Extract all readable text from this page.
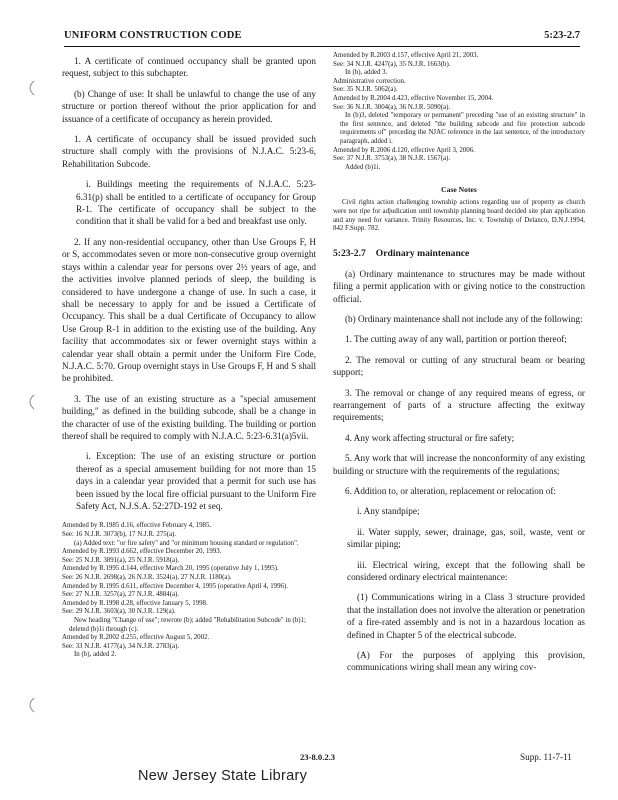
UNIFORM CONSTRUCTION CODE	5:23-2.7

1. A certificate of continued occupancy shall be granted upon request, subject to this subchapter.

(b) Change of use: It shall be unlawful to change the use of any structure or portion thereof without the prior application for and issuance of a certificate of occupancy as herein provided.

1. A certificate of occupancy shall be issued provided such structure shall comply with the provisions of N.J.A.C. 5:23-6, Rehabilitation Subcode.

i. Buildings meeting the requirements of N.J.A.C. 5:23-6.31(p) shall be entitled to a certificate of occupancy for Group R-1. The certificate of occupancy shall be subject to the condition that it shall be valid for a bed and breakfast use only.

2. If any non-residential occupancy, other than Use Groups F, H or S, accommodates seven or more non-consecutive group overnight stays within a calendar year for persons over 2½ years of age, and the activities involve planned periods of sleep, the building is considered to have undergone a change of use. In such a case, it shall be necessary to apply for and be issued a Certificate of Occupancy. This shall be a dual Certificate of Occupancy to allow Use Group R-1 in addition to the existing use of the building. Any facility that accommodates six or fewer overnight stays within a calendar year shall obtain a permit under the Uniform Fire Code, N.J.A.C. 5:70. Group overnight stays in Use Groups F, H and S shall be prohibited.

3. The use of an existing structure as a "special amusement building," as defined in the building subcode, shall be a change in the character of use of the existing building. The building or portion thereof shall be required to comply with N.J.A.C. 5:23-6.31(a)5vii.

i. Exception: The use of an existing structure or portion thereof as a special amusement building for not more than 15 days in a calendar year provided that a permit for such use has been issued by the local fire official pursuant to the Uniform Fire Safety Act, N.J.S.A. 52:27D-192 et seq.

Amended by R.1985 d.16, effective February 4, 1985.

See: 16 N.J.R. 3073(b), 17 N.J.R. 275(a).

(a) Added text: "or fire safety" and "or minimum housing standard or regulation".

Amended by R.1993 d.662, effective December 20, 1993.

See: 25 N.J.R. 3891(a), 25 N.J.R. 5918(a).

Amended by R.1995 d.144, effective March 20, 1995 (operative July 1, 1995).

See: 26 N.J.R. 2698(a), 26 N.J.R. 3524(a), 27 N.J.R. 1180(a).

Amended by R.1995 d.611, effective December 4, 1995 (operative April 4, 1996).

See: 27 N.J.R. 3257(a), 27 N.J.R. 4884(a).

Amended by R.1998 d.28, effective January 5, 1998.

See: 29 N.J.R. 3603(a), 30 N.J.R. 129(a).

New heading "Change of use"; rewrote (b); added "Rehabilitation Subcode" in (b)1; deleted (b)1i through (c).

Amended by R.2002 d.255, effective August 5, 2002.

See: 33 N.J.R. 4177(a), 34 N.J.R. 2783(a).

In (b), added 2.

Amended by R.2003 d.157, effective April 21, 2003.

See: 34 N.J.R. 4247(a), 35 N.J.R. 1663(b).

In (b), added 3.

Administrative correction.

See: 35 N.J.R. 5062(a).

Amended by R.2004 d.423, effective November 15, 2004.

See: 36 N.J.R. 3004(a), 36 N.J.R. 5090(a).

In (b)3, deleted "temporary or permanent" preceding "use of an existing structure" in the first sentence, and deleted "the building subcode and fire protection subcode requirements of" preceding the NJAC reference in the last sentence, of the introductory paragraph, added i.

Amended by R.2006 d.120, effective April 3, 2006.

See: 37 N.J.R. 3753(a), 38 N.J.R. 1567(a).

Added (b)1i.

Case Notes

Civil rights action challenging township actions regarding use of property as church were not ripe for adjudication until township planning board decided site plan application and any need for variance. Trinity Resources, Inc. v. Township of Delanco, D.N.J.1994, 842 F.Supp. 782.

5:23-2.7 Ordinary maintenance

(a) Ordinary maintenance to structures may be made without filing a permit application with or giving notice to the construction official.

(b) Ordinary maintenance shall not include any of the following:

1. The cutting away of any wall, partition or portion thereof;

2. The removal or cutting of any structural beam or bearing support;

3. The removal or change of any required means of egress, or rearrangement of parts of a structure affecting the exitway requirements;

4. Any work affecting structural or fire safety;

5. Any work that will increase the nonconformity of any existing building or structure with the requirements of the regulations;

6. Addition to, or alteration, replacement or relocation of:

i. Any standpipe;

ii. Water supply, sewer, drainage, gas, soil, waste, vent or similar piping;

iii. Electrical wiring, except that the following shall be considered ordinary electrical maintenance:

(1) Communications wiring in a Class 3 structure provided that the installation does not involve the alteration or penetration of a fire-rated assembly and is not in a hazardous location as defined in Chapter 5 of the electrical subcode.

(A) For the purposes of applying this provision, communications wiring shall mean any wiring cov-

23-8.0.2.3	Supp. 11-7-11
New Jersey State Library
